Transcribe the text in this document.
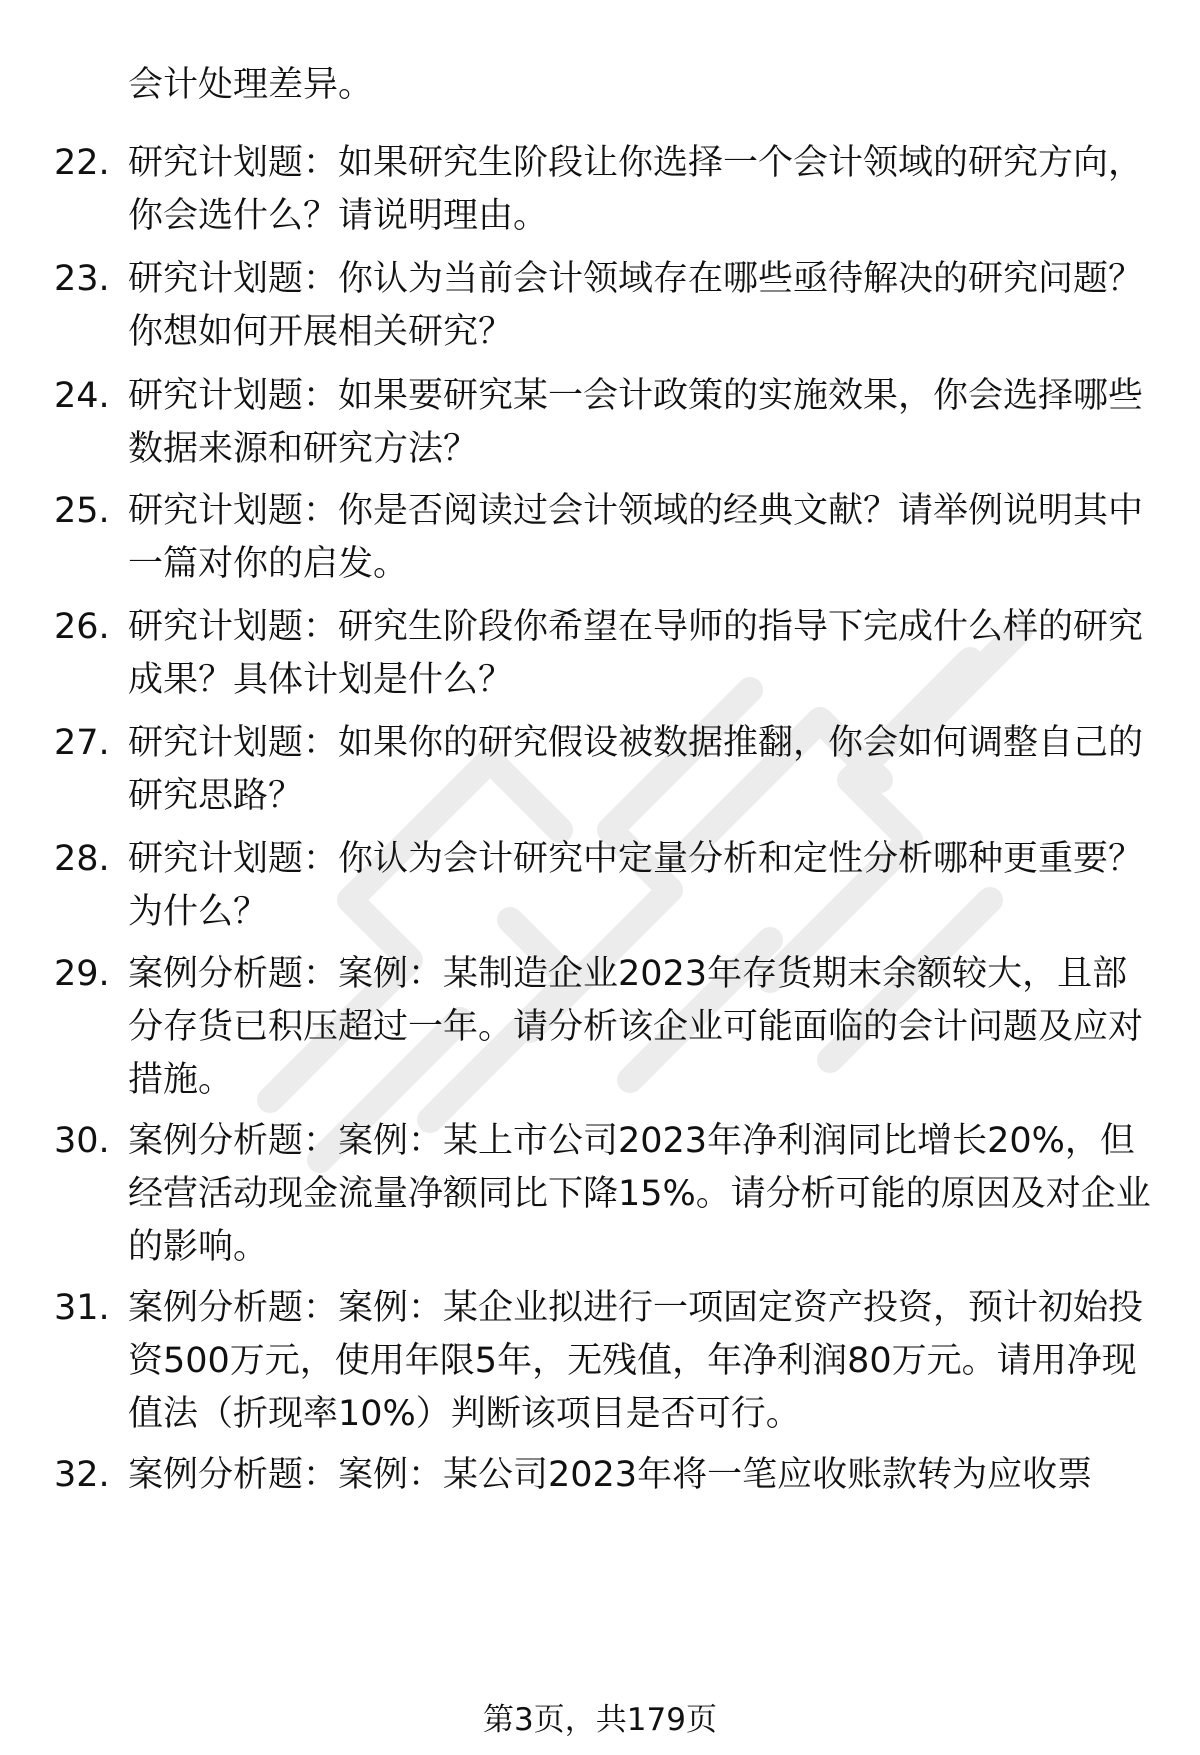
会计处理差异。
22. 研究计划题：如果研究生阶段让你选择一个会计领域的研究方向，你会选什么？请说明理由。
23. 研究计划题：你认为当前会计领域存在哪些亟待解决的研究问题？你想如何开展相关研究？
24. 研究计划题：如果要研究某一会计政策的实施效果，你会选择哪些数据来源和研究方法？
25. 研究计划题：你是否阅读过会计领域的经典文献？请举例说明其中一篇对你的启发。
26. 研究计划题：研究生阶段你希望在导师的指导下完成什么样的研究成果？具体计划是什么？
27. 研究计划题：如果你的研究假设被数据推翻，你会如何调整自己的研究思路？
28. 研究计划题：你认为会计研究中定量分析和定性分析哪种更重要？为什么？
29. 案例分析题：案例：某制造企业2023年存货期末余额较大，且部分存货已积压超过一年。请分析该企业可能面临的会计问题及应对措施。
30. 案例分析题：案例：某上市公司2023年净利润同比增长20%，但经营活动现金流量净额同比下降15%。请分析可能的原因及对企业的影响。
31. 案例分析题：案例：某企业拟进行一项固定资产投资，预计初始投资500万元，使用年限5年，无残值，年净利润80万元。请用净现值法（折现率10%）判断该项目是否可行。
32. 案例分析题：案例：某公司2023年将一笔应收账款转为应收票
第3页，共179页
